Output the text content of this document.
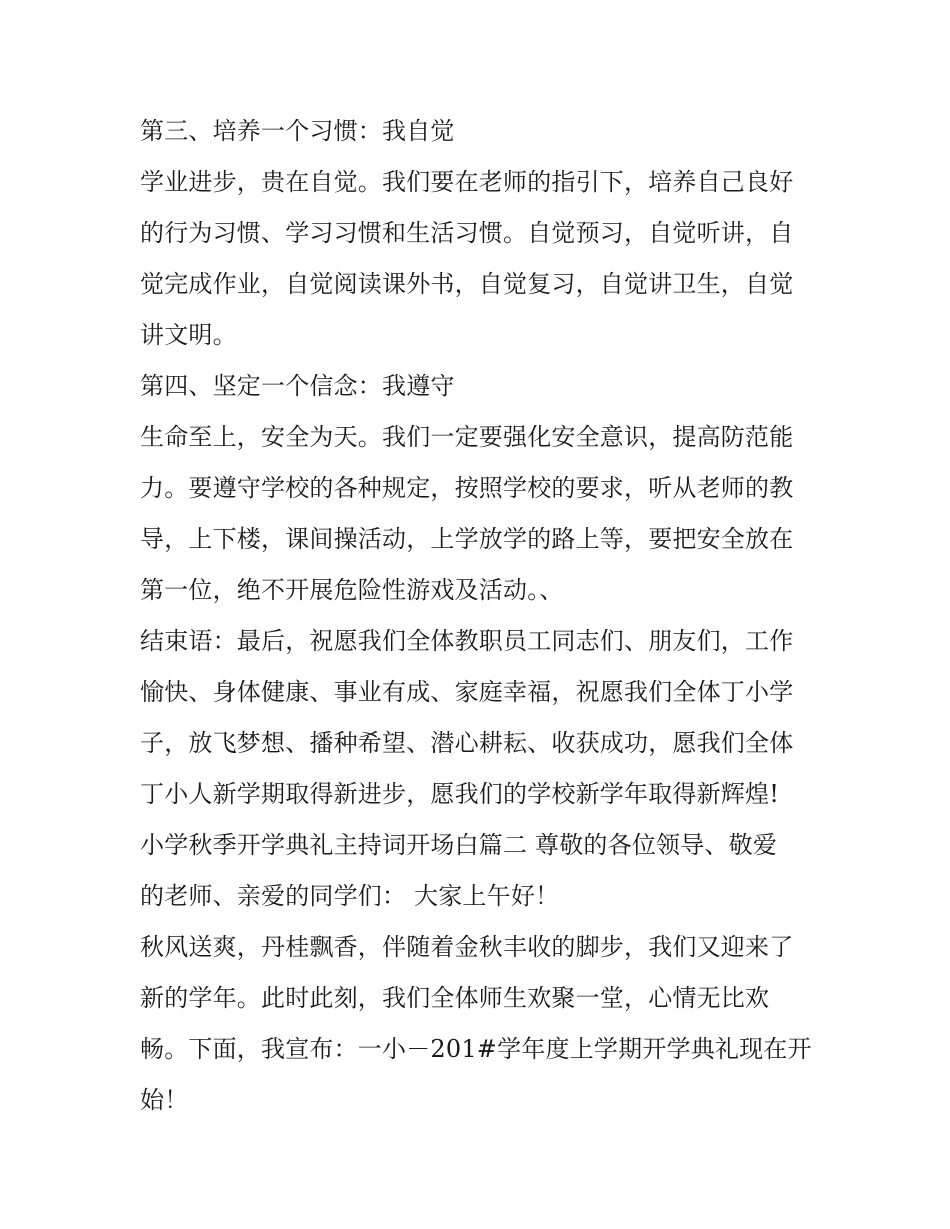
第三、培养一个习惯：我自觉
学业进步，贵在自觉。我们要在老师的指引下，培养自己良好
的行为习惯、学习习惯和生活习惯。自觉预习，自觉听讲，自
觉完成作业，自觉阅读课外书，自觉复习，自觉讲卫生，自觉
讲文明。
第四、坚定一个信念：我遵守
生命至上，安全为天。我们一定要强化安全意识，提高防范能
力。要遵守学校的各种规定，按照学校的要求，听从老师的教
导，上下楼，课间操活动，上学放学的路上等，要把安全放在
第一位，绝不开展危险性游戏及活动。、
结束语：最后，祝愿我们全体教职员工同志们、朋友们，工作
愉快、身体健康、事业有成、家庭幸福，祝愿我们全体丁小学
子，放飞梦想、播种希望、潜心耕耘、收获成功，愿我们全体
丁小人新学期取得新进步，愿我们的学校新学年取得新辉煌!
小学秋季开学典礼主持词开场白篇二 尊敬的各位领导、敬爱
的老师、亲爱的同学们： 大家上午好！
秋风送爽，丹桂飘香，伴随着金秋丰收的脚步，我们又迎来了
新的学年。此时此刻，我们全体师生欢聚一堂，心情无比欢
畅。下面，我宣布：一小－201#学年度上学期开学典礼现在开
始！
